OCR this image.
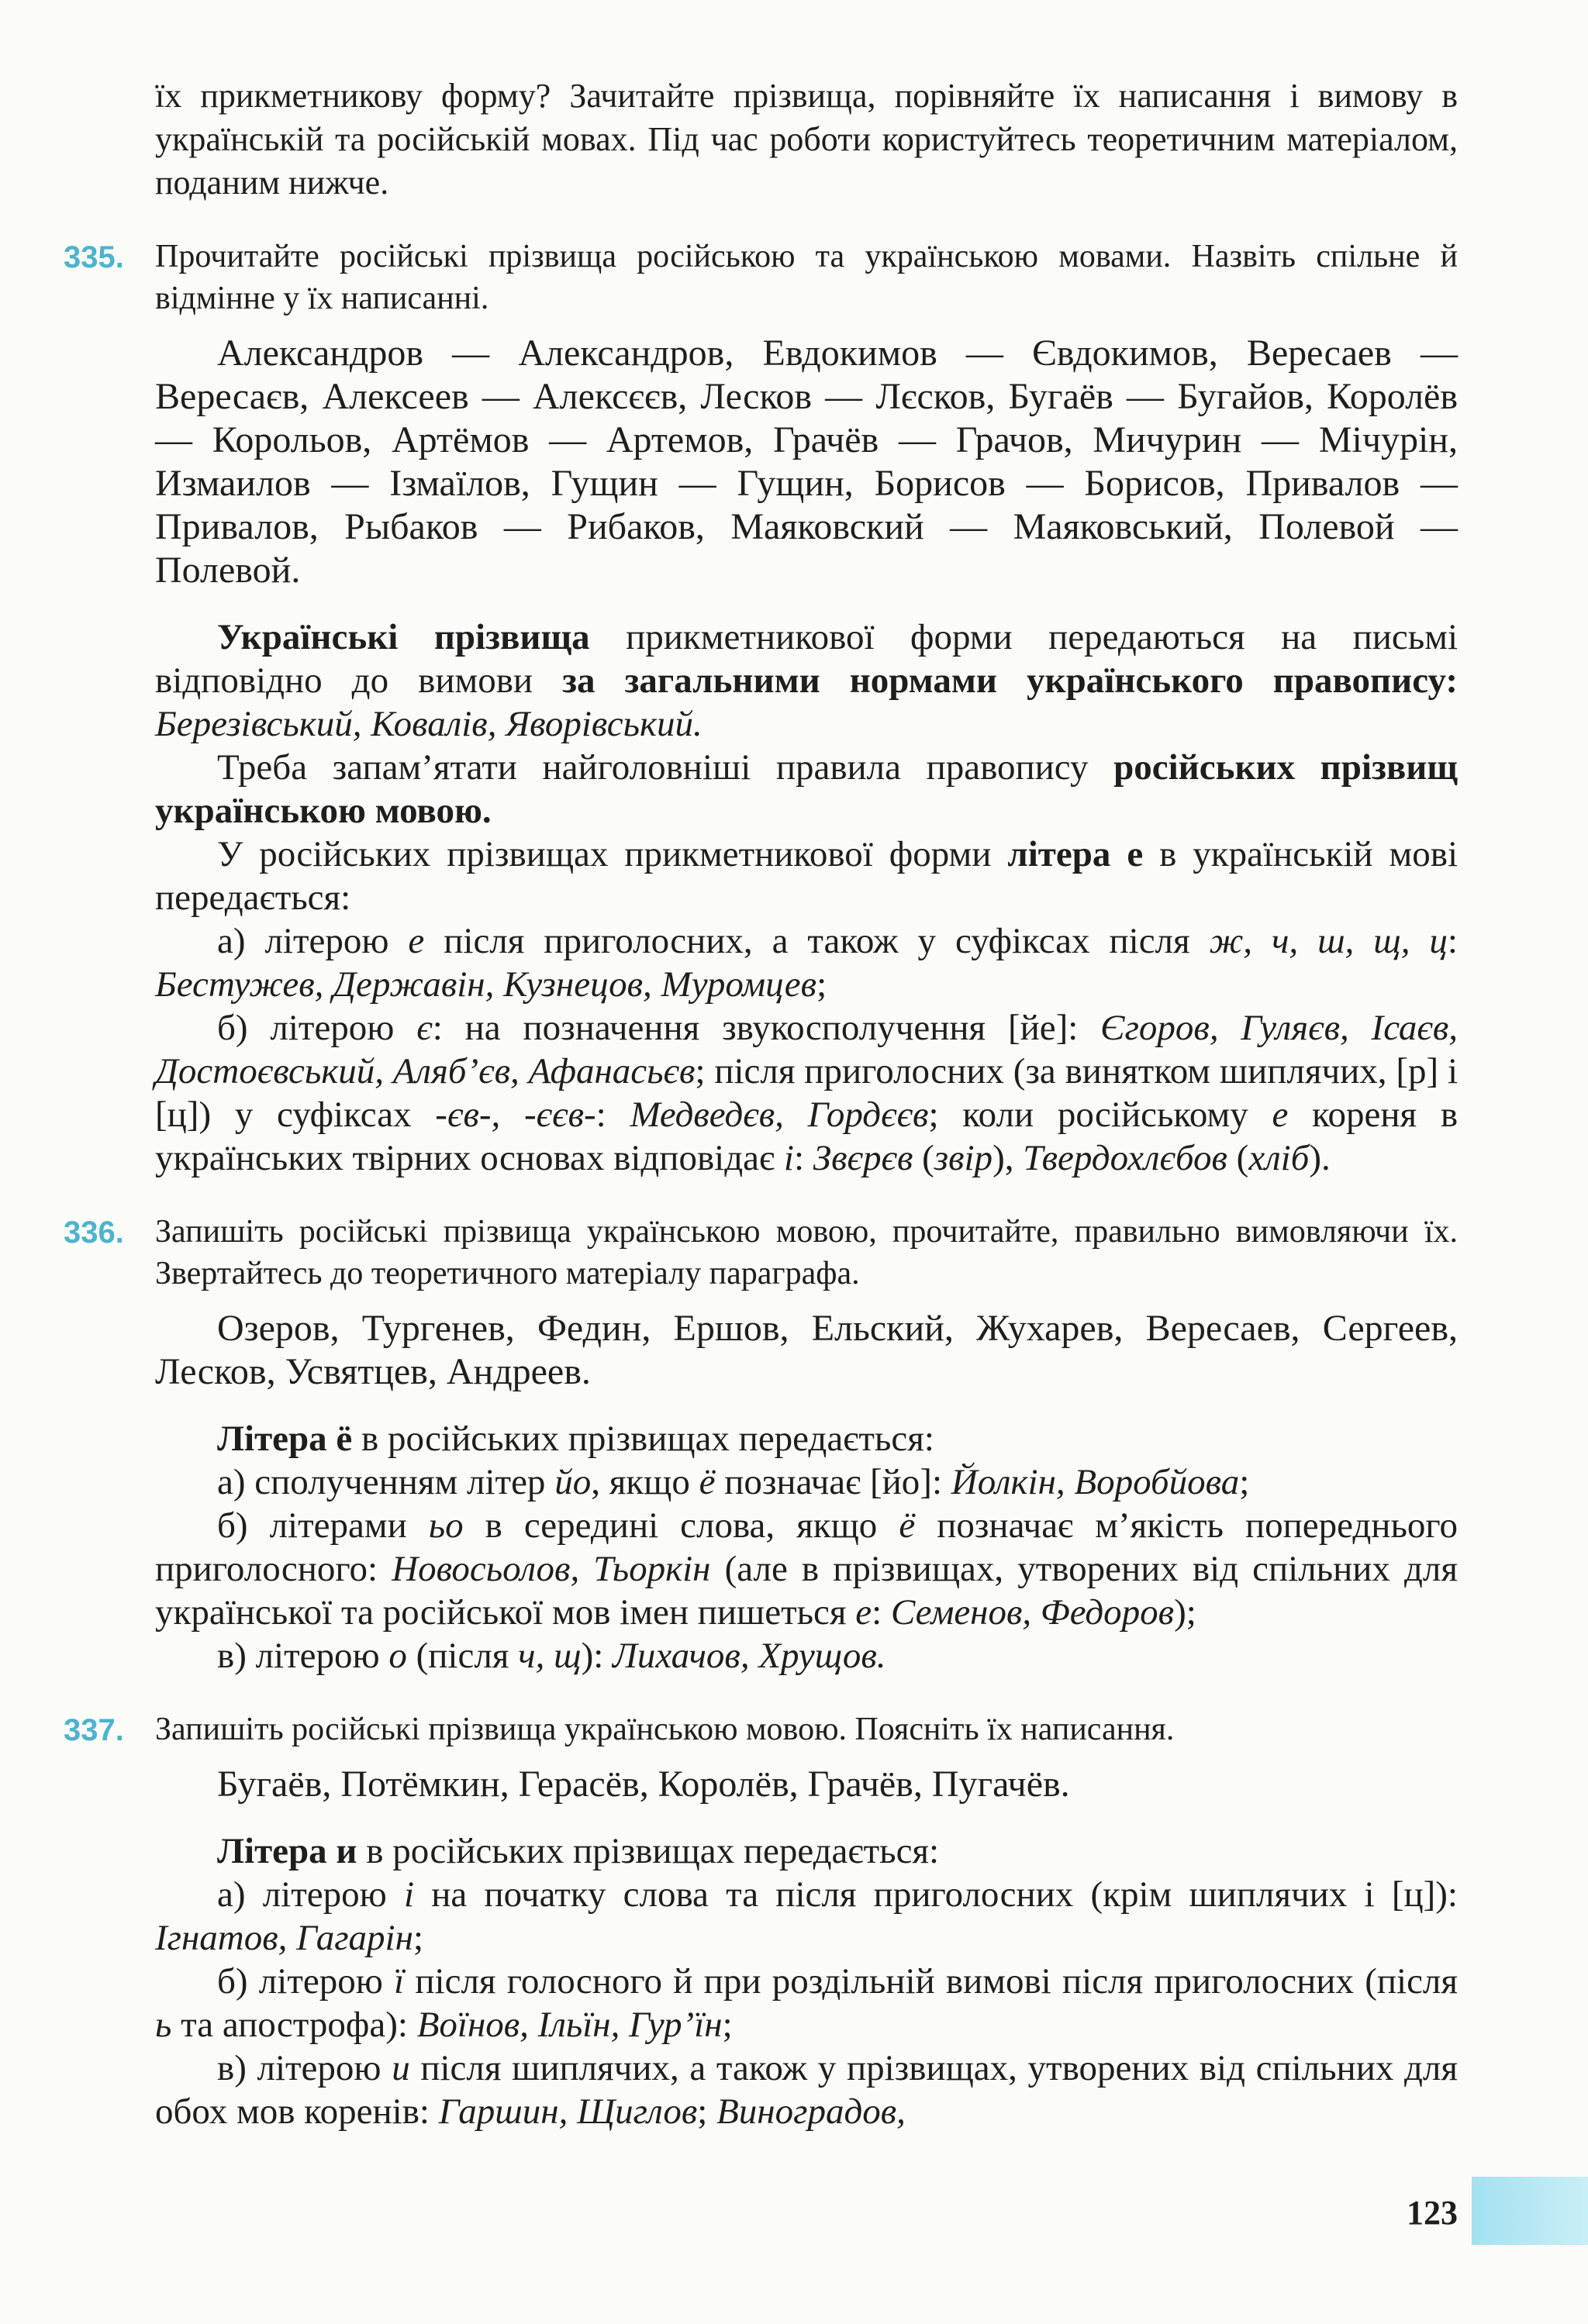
їх прикметникову форму? Зачитайте прізвища, порівняйте їх написання і вимову в українській та російській мовах. Під час роботи користуйтесь теоретичним матеріалом, поданим нижче.

335. Прочитайте російські прізвища російською та українською мовами. Назвіть спільне й відмінне у їх написанні.

Александров — Александров, Евдокимов — Євдокимов, Вересаев — Вересаєв, Алексеев — Алексєєв, Лесков — Лєсков, Бугаёв — Бугайов, Королёв — Корольов, Артёмов — Артемов, Грачёв — Грачов, Мичурин — Мічурін, Измаилов — Ізмаїлов, Гущин — Гущин, Борисов — Борисов, Привалов — Привалов, Рыбаков — Рибаков, Маяковский — Маяковський, Полевой — Полевой.

Українські прізвища прикметникової форми передаються на письмі відповідно до вимови за загальними нормами українського правопису: Березівський, Ковалів, Яворівський.

Треба запам’ятати найголовніші правила правопису російських прізвищ українською мовою.

У російських прізвищах прикметникової форми літера е в українській мові передається:

а) літерою е після приголосних, а також у суфіксах після ж, ч, ш, щ, ц: Бестужев, Державін, Кузнецов, Муромцев;

б) літерою є: на позначення звукосполучення [йе]: Єгоров, Гуляєв, Ісаєв, Достоєвський, Аляб’єв, Афанасьєв; після приголосних (за винятком шиплячих, [р] і [ц]) у суфіксах -єв-, -єєв-: Медведєв, Гордєєв; коли російському е кореня в українських твірних основах відповідає і: Звєрєв (звір), Твердохлєбов (хліб).

336. Запишіть російські прізвища українською мовою, прочитайте, правильно вимовляючи їх. Звертайтесь до теоретичного матеріалу параграфа.

Озеров, Тургенев, Федин, Ершов, Ельский, Жухарев, Вересаев, Сергеев, Лесков, Усвятцев, Андреев.

Літера ё в російських прізвищах передається:

а) сполученням літер йо, якщо ё позначає [йо]: Йолкін, Воробйова;

б) літерами ьо в середині слова, якщо ё позначає м’якість попереднього приголосного: Новосьолов, Тьоркін (але в прізвищах, утворених від спільних для української та російської мов імен пишеться е: Семенов, Федоров);

в) літерою о (після ч, щ): Лихачов, Хрущов.

337. Запишіть російські прізвища українською мовою. Поясніть їх написання.

Бугаёв, Потёмкин, Герасёв, Королёв, Грачёв, Пугачёв.

Літера и в російських прізвищах передається:

а) літерою і на початку слова та після приголосних (крім шиплячих і [ц]): Ігнатов, Гагарін;

б) літерою ї після голосного й при роздільній вимові після приголосних (після ь та апострофа): Воїнов, Ільїн, Гур’їн;

в) літерою и після шиплячих, а також у прізвищах, утворених від спільних для обох мов коренів: Гаршин, Щиглов; Виноградов,

123
